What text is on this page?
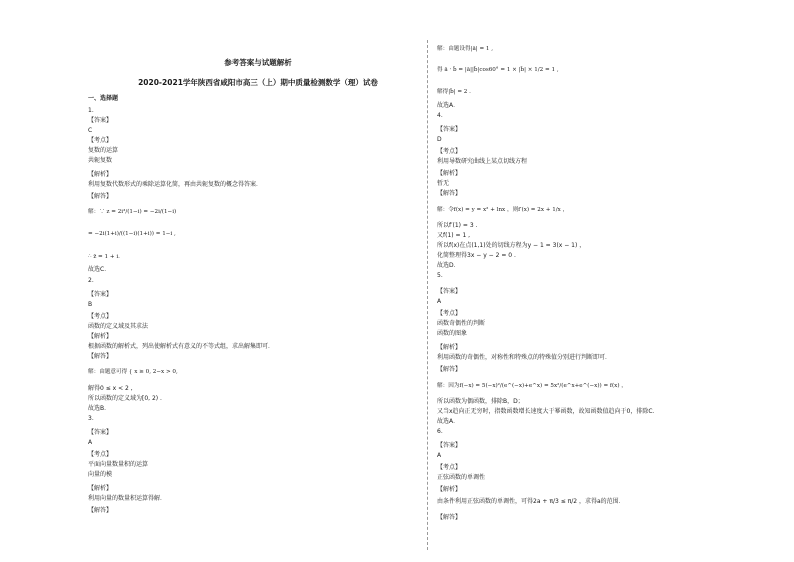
参考答案与试题解析
2020-2021学年陕西省咸阳市高三（上）期中质量检测数学（理）试卷
一、选择题
1.
【答案】
C
【考点】
复数的运算
共轭复数
【解析】
利用复数代数形式的乘除运算化简，再由共轭复数的概念得答案．
【解答】
解：∵ z = 2i³/(1−i) = −2i/(1−i)
= −2i(1+i)/((1−i)(1+i)) = 1−i ,
∴ z̄ = 1 + i．
故选C．
2.
【答案】
B
【考点】
函数的定义域及其求法
【解析】
根据函数的解析式，列出使解析式有意义的不等式组，求出解集即可．
【解答】
解：由题意可得 { x ≥ 0, 2−x > 0,
解得0 ≤ x < 2 ,
所以函数的定义域为[0, 2) .
故选B．
3.
【答案】
A
【考点】
平面向量数量积的运算
向量的模
【解析】
利用向量的数量积运算得解．
【解答】
解：由题设得|ā| = 1 ,
得 ā · b̄ = |ā||b̄|cos60° = 1 × |b̄| × 1/2 = 1 ,
解得|b̄| = 2 .
故选A．
4.
【答案】
D
【考点】
利用导数研究曲线上某点切线方程
【解析】
暂无
【解答】
解：令f(x) = y = x² + lnx ，则f′(x) = 2x + 1/x ，
所以f′(1) = 3 .
又f(1) = 1 ,
所以f(x)在点(1,1)处的切线方程为y − 1 = 3(x − 1) ，
化简整理得3x − y − 2 = 0 .
故选D．
5.
【答案】
A
【考点】
函数奇偶性的判断
函数的图象
【解析】
利用函数的奇偶性，对称性和特殊点的特殊值分别进行判断即可．
【解答】
解：因为f(−x) = 5(−x)²/(e^(−x)+e^x) = 5x²/(e^x+e^(−x)) = f(x) ，
所以函数为偶函数，排除B，D；
又当x趋向正无穷时，指数函数增长速度大于幂函数，故知函数值趋向于0，排除C．
故选A．
6.
【答案】
A
【考点】
正弦函数的单调性
【解析】
由条件利用正弦函数的单调性，可得2a + π/3 ≤ π/2 ，求得a的范围．
【解答】
